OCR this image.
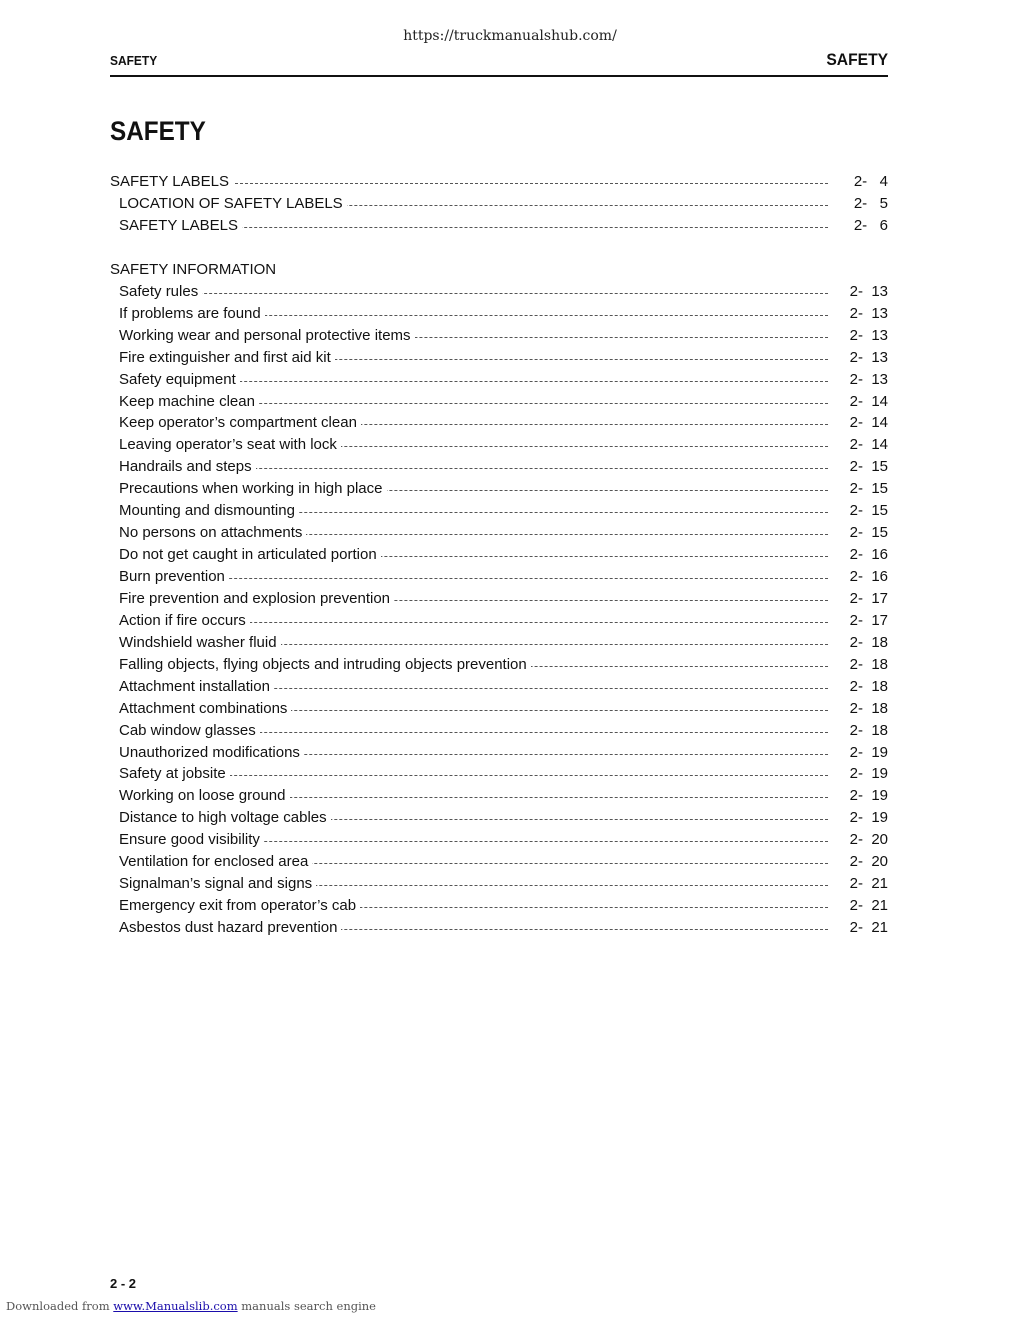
https://truckmanualshub.com/
SAFETY	SAFETY
SAFETY
SAFETY LABELS	2-   4
LOCATION OF SAFETY LABELS	2-   5
SAFETY LABELS	2-   6
SAFETY INFORMATION
Safety rules	2-  13
If problems are found	2-  13
Working wear and personal protective items	2-  13
Fire extinguisher and first aid kit	2-  13
Safety equipment	2-  13
Keep machine clean	2-  14
Keep operator’s compartment clean	2-  14
Leaving operator’s seat with lock	2-  14
Handrails and steps	2-  15
Precautions when working in high place	2-  15
Mounting and dismounting	2-  15
No persons on attachments	2-  15
Do not get caught in articulated portion	2-  16
Burn prevention	2-  16
Fire prevention and explosion prevention	2-  17
Action if fire occurs	2-  17
Windshield washer fluid	2-  18
Falling objects, flying objects and intruding objects prevention	2-  18
Attachment installation	2-  18
Attachment combinations	2-  18
Cab window glasses	2-  18
Unauthorized modifications	2-  19
Safety at jobsite	2-  19
Working on loose ground	2-  19
Distance to high voltage cables	2-  19
Ensure good visibility	2-  20
Ventilation for enclosed area	2-  20
Signalman’s signal and signs	2-  21
Emergency exit from operator’s cab	2-  21
Asbestos dust hazard prevention	2-  21
2 - 2
Downloaded from www.Manualslib.com manuals search engine
